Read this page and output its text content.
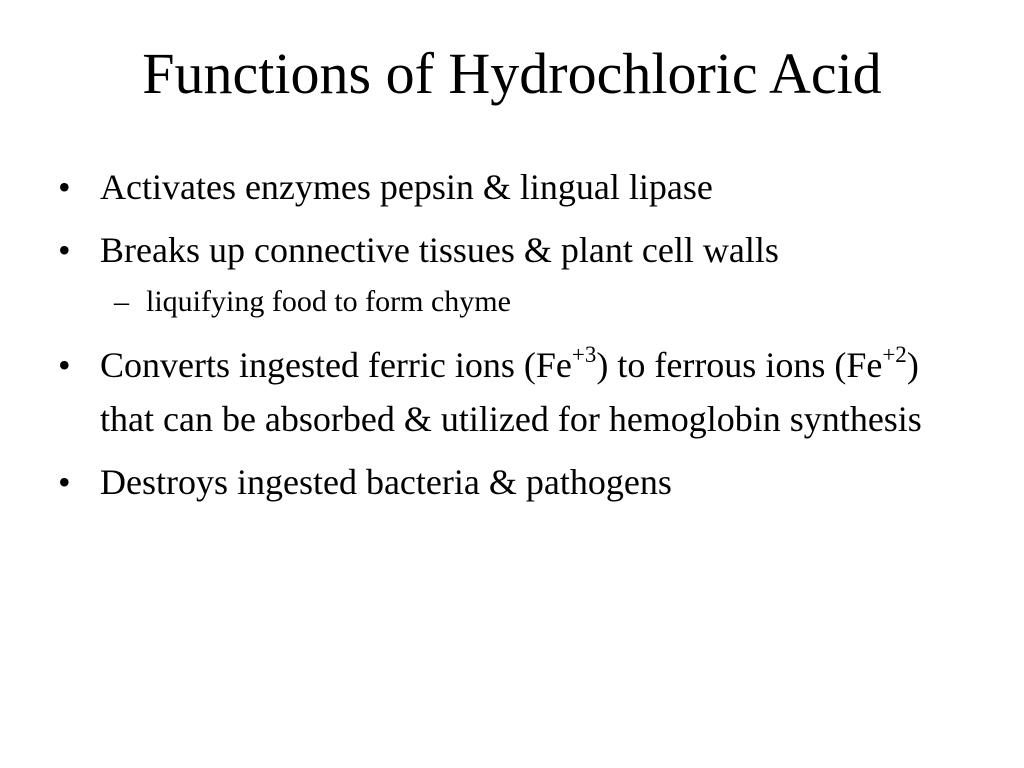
Functions of Hydrochloric Acid
• Activates enzymes pepsin & lingual lipase
• Breaks up connective tissues & plant cell walls
– liquifying food to form chyme
• Converts ingested ferric ions $(Fe^{+3})$ to ferrous ions $(Fe^{+2})$ that can be absorbed & utilized for hemoglobin synthesis
• Destroys ingested bacteria & pathogens
